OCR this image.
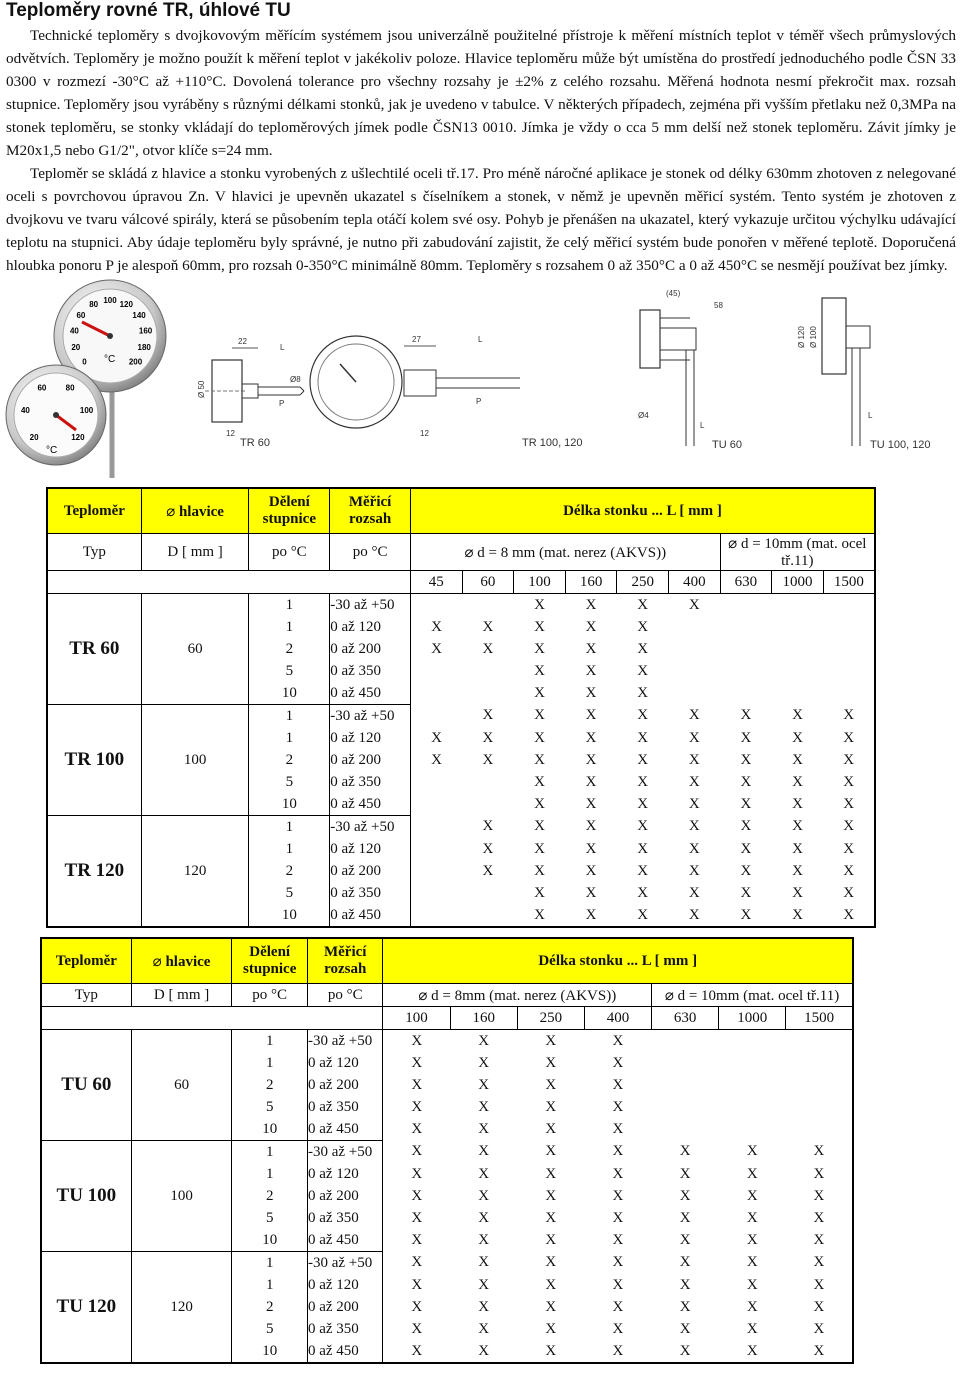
Teploměry rovné TR, úhlové TU

Technické teploměry s dvojkovovým měřícím systémem jsou univerzálně použitelné přístroje k měření místních teplot v téměř všech průmyslových odvětvích. Teploměry je možno použít k měření teplot v jakékoliv poloze. Hlavice teploměru může být umístěna do prostředí jednoduchého podle ČSN 33 0300 v rozmezí -30°C až +110°C. Dovolená tolerance pro všechny rozsahy je ±2% z celého rozsahu. Měřená hodnota nesmí překročit max. rozsah stupnice. Teploměry jsou vyráběny s různými délkami stonků, jak je uvedeno v tabulce. V některých případech, zejména při vyšším přetlaku než 0,3MPa na stonek teploměru, se stonky vkládají do teploměrových jímek podle ČSN13 0010. Jímka je vždy o cca 5 mm delší než stonek teploměru. Závit jímky je M20x1,5 nebo G1/2", otvor klíče s=24 mm.

Teploměr se skládá z hlavice a stonku vyrobených z ušlechtilé oceli tř.17. Pro méně náročné aplikace je stonek od délky 630mm zhotoven z nelegované oceli s povrchovou úpravou Zn. V hlavici je upevněn ukazatel s číselníkem a stonek, v němž je upevněn měřicí systém. Tento systém je zhotoven z dvojkovu ve tvaru válcové spirály, která se působením tepla otáčí kolem své osy. Pohyb je přenášen na ukazatel, který vykazuje určitou výchylku udávající teplotu na stupnici. Aby údaje teploměru byly správné, je nutno při zabudování zajistit, že celý měřicí systém bude ponořen v měřené teplotě. Doporučená hloubka ponoru P je alespoň 60mm, pro rozsah 0-350°C minimálně 80mm. Teploměry s rozsahem 0 až 350°C a 0 až 450°C se nesmějí používat bez jímky.

0
20
40
60
80 100 120
140
160
180
200
°C
20
40
60 80
100
120
°C
22
L
12
P
Ø 50
Ø8
TR 60
27	L
12
P
TR 100, 120
(45)
58
L
Ø4
TU 60
Ø 120 Ø 100
L
TU 100, 120
Teploměr	⌀ hlavice	Dělení stupnice	Měřicí rozsah	Délka stonku ... L [ mm ]								
Typ	D [ mm ]	po °C	po °C	⌀ d = 8 mm (mat. nerez (AKVS))						⌀ d = 10mm (mat. ocel tř.11)		
				45	60	100	160	250	400	630	1000	1500
TR 60	60	1	-30 až +50			X	X	X	X			
		1	0 až 120	X	X	X	X	X				
		2	0 až 200	X	X	X	X	X				
		5	0 až 350			X	X	X				
		10	0 až 450			X	X	X				
TR 100	100	1	-30 až +50		X	X	X	X	X	X	X	X
		1	0 až 120	X	X	X	X	X	X	X	X	X
		2	0 až 200	X	X	X	X	X	X	X	X	X
		5	0 až 350			X	X	X	X	X	X	X
		10	0 až 450			X	X	X	X	X	X	X
TR 120	120	1	-30 až +50		X	X	X	X	X	X	X	X
		1	0 až 120		X	X	X	X	X	X	X	X
		2	0 až 200		X	X	X	X	X	X	X	X
		5	0 až 350			X	X	X	X	X	X	X
		10	0 až 450			X	X	X	X	X	X	X
Teploměr	⌀ hlavice	Dělení stupnice	Měřicí rozsah	Délka stonku ... L [ mm ]						
Typ	D [ mm ]	po °C	po °C	⌀ d = 8mm (mat. nerez (AKVS))				⌀ d = 10mm (mat. ocel tř.11)		
				100	160	250	400	630	1000	1500
TU 60	60	1	-30 až +50	X	X	X	X			
		1	0 až 120	X	X	X	X			
		2	0 až 200	X	X	X	X			
		5	0 až 350	X	X	X	X			
		10	0 až 450	X	X	X	X			
TU 100	100	1	-30 až +50	X	X	X	X	X	X	X
		1	0 až 120	X	X	X	X	X	X	X
		2	0 až 200	X	X	X	X	X	X	X
		5	0 až 350	X	X	X	X	X	X	X
		10	0 až 450	X	X	X	X	X	X	X
TU 120	120	1	-30 až +50	X	X	X	X	X	X	X
		1	0 až 120	X	X	X	X	X	X	X
		2	0 až 200	X	X	X	X	X	X	X
		5	0 až 350	X	X	X	X	X	X	X
		10	0 až 450	X	X	X	X	X	X	X
